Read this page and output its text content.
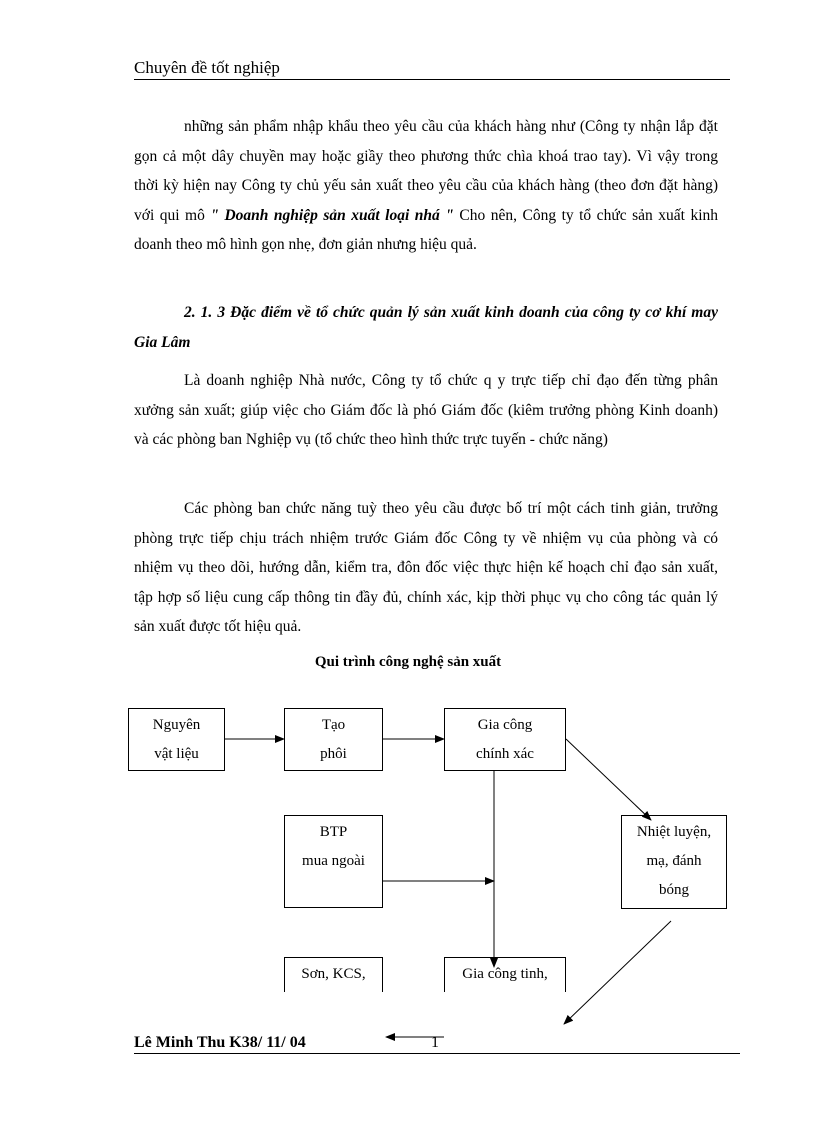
Chuyên đề tốt nghiệp

những sản phẩm nhập khẩu theo yêu cầu của khách hàng như (Công ty nhận lắp đặt gọn cả một dây chuyền may hoặc giầy theo phương thức chìa khoá trao tay). Vì vậy trong thời kỳ hiện nay Công ty chủ yếu sản xuất theo yêu cầu của khách hàng (theo đơn đặt hàng) với qui mô " Doanh nghiệp sản xuất loại nhá " Cho nên, Công ty tổ chức sản xuất kinh doanh theo mô hình gọn nhẹ, đơn giản nhưng hiệu quả.

2. 1. 3 Đặc điểm về tổ chức quản lý sản xuất kinh doanh của công ty cơ khí may Gia Lâm

Là doanh nghiệp Nhà nước, Công ty tổ chức q y trực tiếp chỉ đạo đến từng phân xưởng sản xuất; giúp việc cho Giám đốc là phó Giám đốc (kiêm trưởng phòng Kinh doanh) và các phòng ban Nghiệp vụ (tổ chức theo hình thức trực tuyến - chức năng)

Các phòng ban chức năng tuỳ theo yêu cầu được bố trí một cách tinh giản, trưởng phòng trực tiếp chịu trách nhiệm trước Giám đốc Công ty về nhiệm vụ của phòng và có nhiệm vụ theo dõi, hướng dẫn, kiểm tra, đôn đốc việc thực hiện kế hoạch chỉ đạo sản xuất, tập hợp số liệu cung cấp thông tin đầy đủ, chính xác, kịp thời phục vụ cho công tác quản lý sản xuất được tốt hiệu quả.

Qui trình công nghệ sản xuất
Nguyên
vật liệu
Tạo
phôi
Gia công
chính xác
BTP
mua ngoài
Nhiệt luyện,
mạ, đánh
bóng
Sơn, KCS,	Gia công tinh,
Lê Minh Thu K38/ 11/ 04	1
